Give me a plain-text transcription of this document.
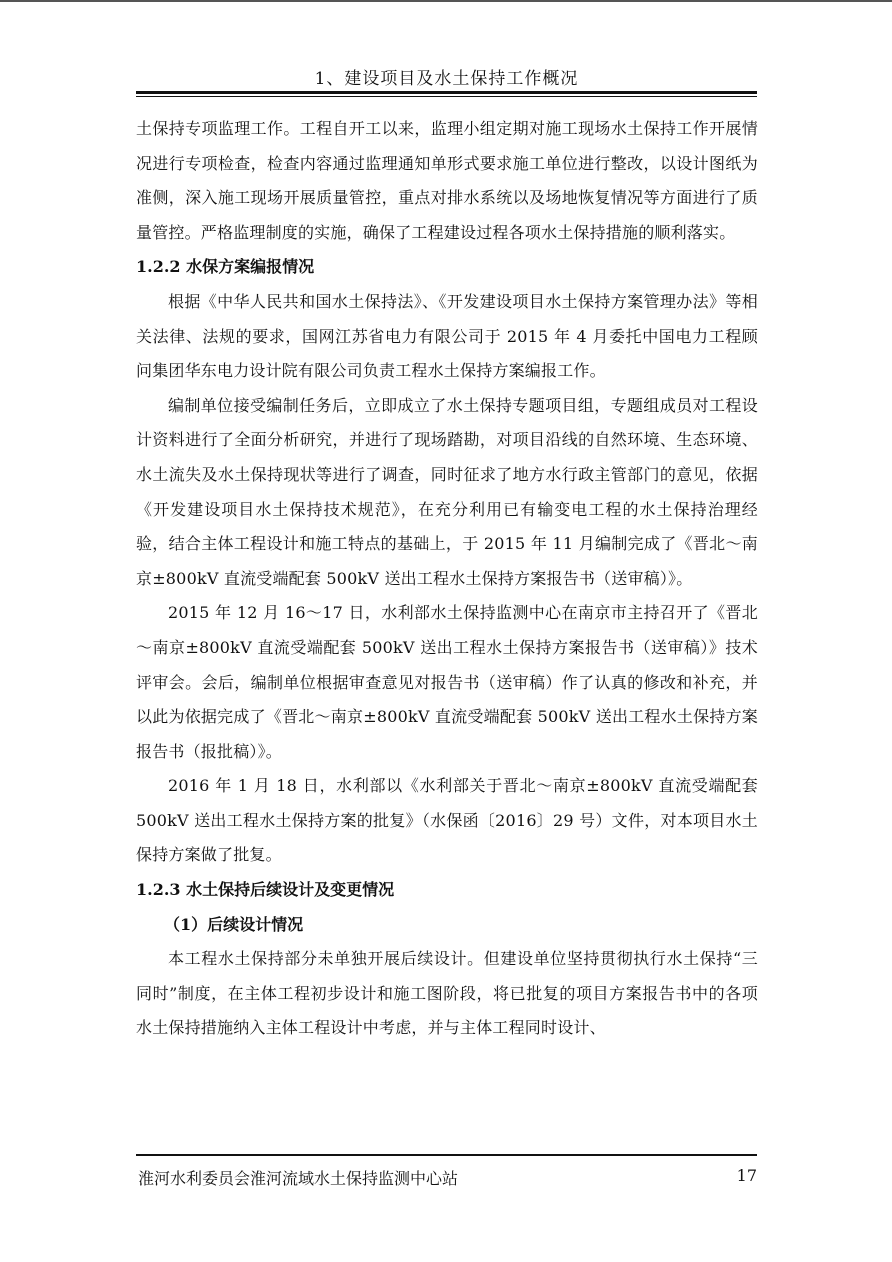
1、建设项目及水土保持工作概况

土保持专项监理工作。工程自开工以来，监理小组定期对施工现场水土保持工作开展情况进行专项检查，检查内容通过监理通知单形式要求施工单位进行整改，以设计图纸为准侧，深入施工现场开展质量管控，重点对排水系统以及场地恢复情况等方面进行了质量管控。严格监理制度的实施，确保了工程建设过程各项水土保持措施的顺利落实。

1.2.2 水保方案编报情况

根据《中华人民共和国水土保持法》、《开发建设项目水土保持方案管理办法》等相关法律、法规的要求，国网江苏省电力有限公司于 2015 年 4 月委托中国电力工程顾问集团华东电力设计院有限公司负责工程水土保持方案编报工作。

编制单位接受编制任务后，立即成立了水土保持专题项目组，专题组成员对工程设计资料进行了全面分析研究，并进行了现场踏勘，对项目沿线的自然环境、生态环境、水土流失及水土保持现状等进行了调查，同时征求了地方水行政主管部门的意见，依据《开发建设项目水土保持技术规范》，在充分利用已有输变电工程的水土保持治理经验，结合主体工程设计和施工特点的基础上，于 2015 年 11 月编制完成了《晋北～南京±800kV 直流受端配套 500kV 送出工程水土保持方案报告书（送审稿）》。

2015 年 12 月 16～17 日，水利部水土保持监测中心在南京市主持召开了《晋北～南京±800kV 直流受端配套 500kV 送出工程水土保持方案报告书（送审稿）》技术评审会。会后，编制单位根据审查意见对报告书（送审稿）作了认真的修改和补充，并以此为依据完成了《晋北～南京±800kV 直流受端配套 500kV 送出工程水土保持方案报告书（报批稿）》。

2016 年 1 月 18 日，水利部以《水利部关于晋北～南京±800kV 直流受端配套 500kV 送出工程水土保持方案的批复》（水保函〔2016〕29 号）文件，对本项目水土保持方案做了批复。

1.2.3 水土保持后续设计及变更情况

（1）后续设计情况

本工程水土保持部分未单独开展后续设计。但建设单位坚持贯彻执行水土保持“三同时”制度，在主体工程初步设计和施工图阶段，将已批复的项目方案报告书中的各项水土保持措施纳入主体工程设计中考虑，并与主体工程同时设计、

淮河水利委员会淮河流域水土保持监测中心站	17
